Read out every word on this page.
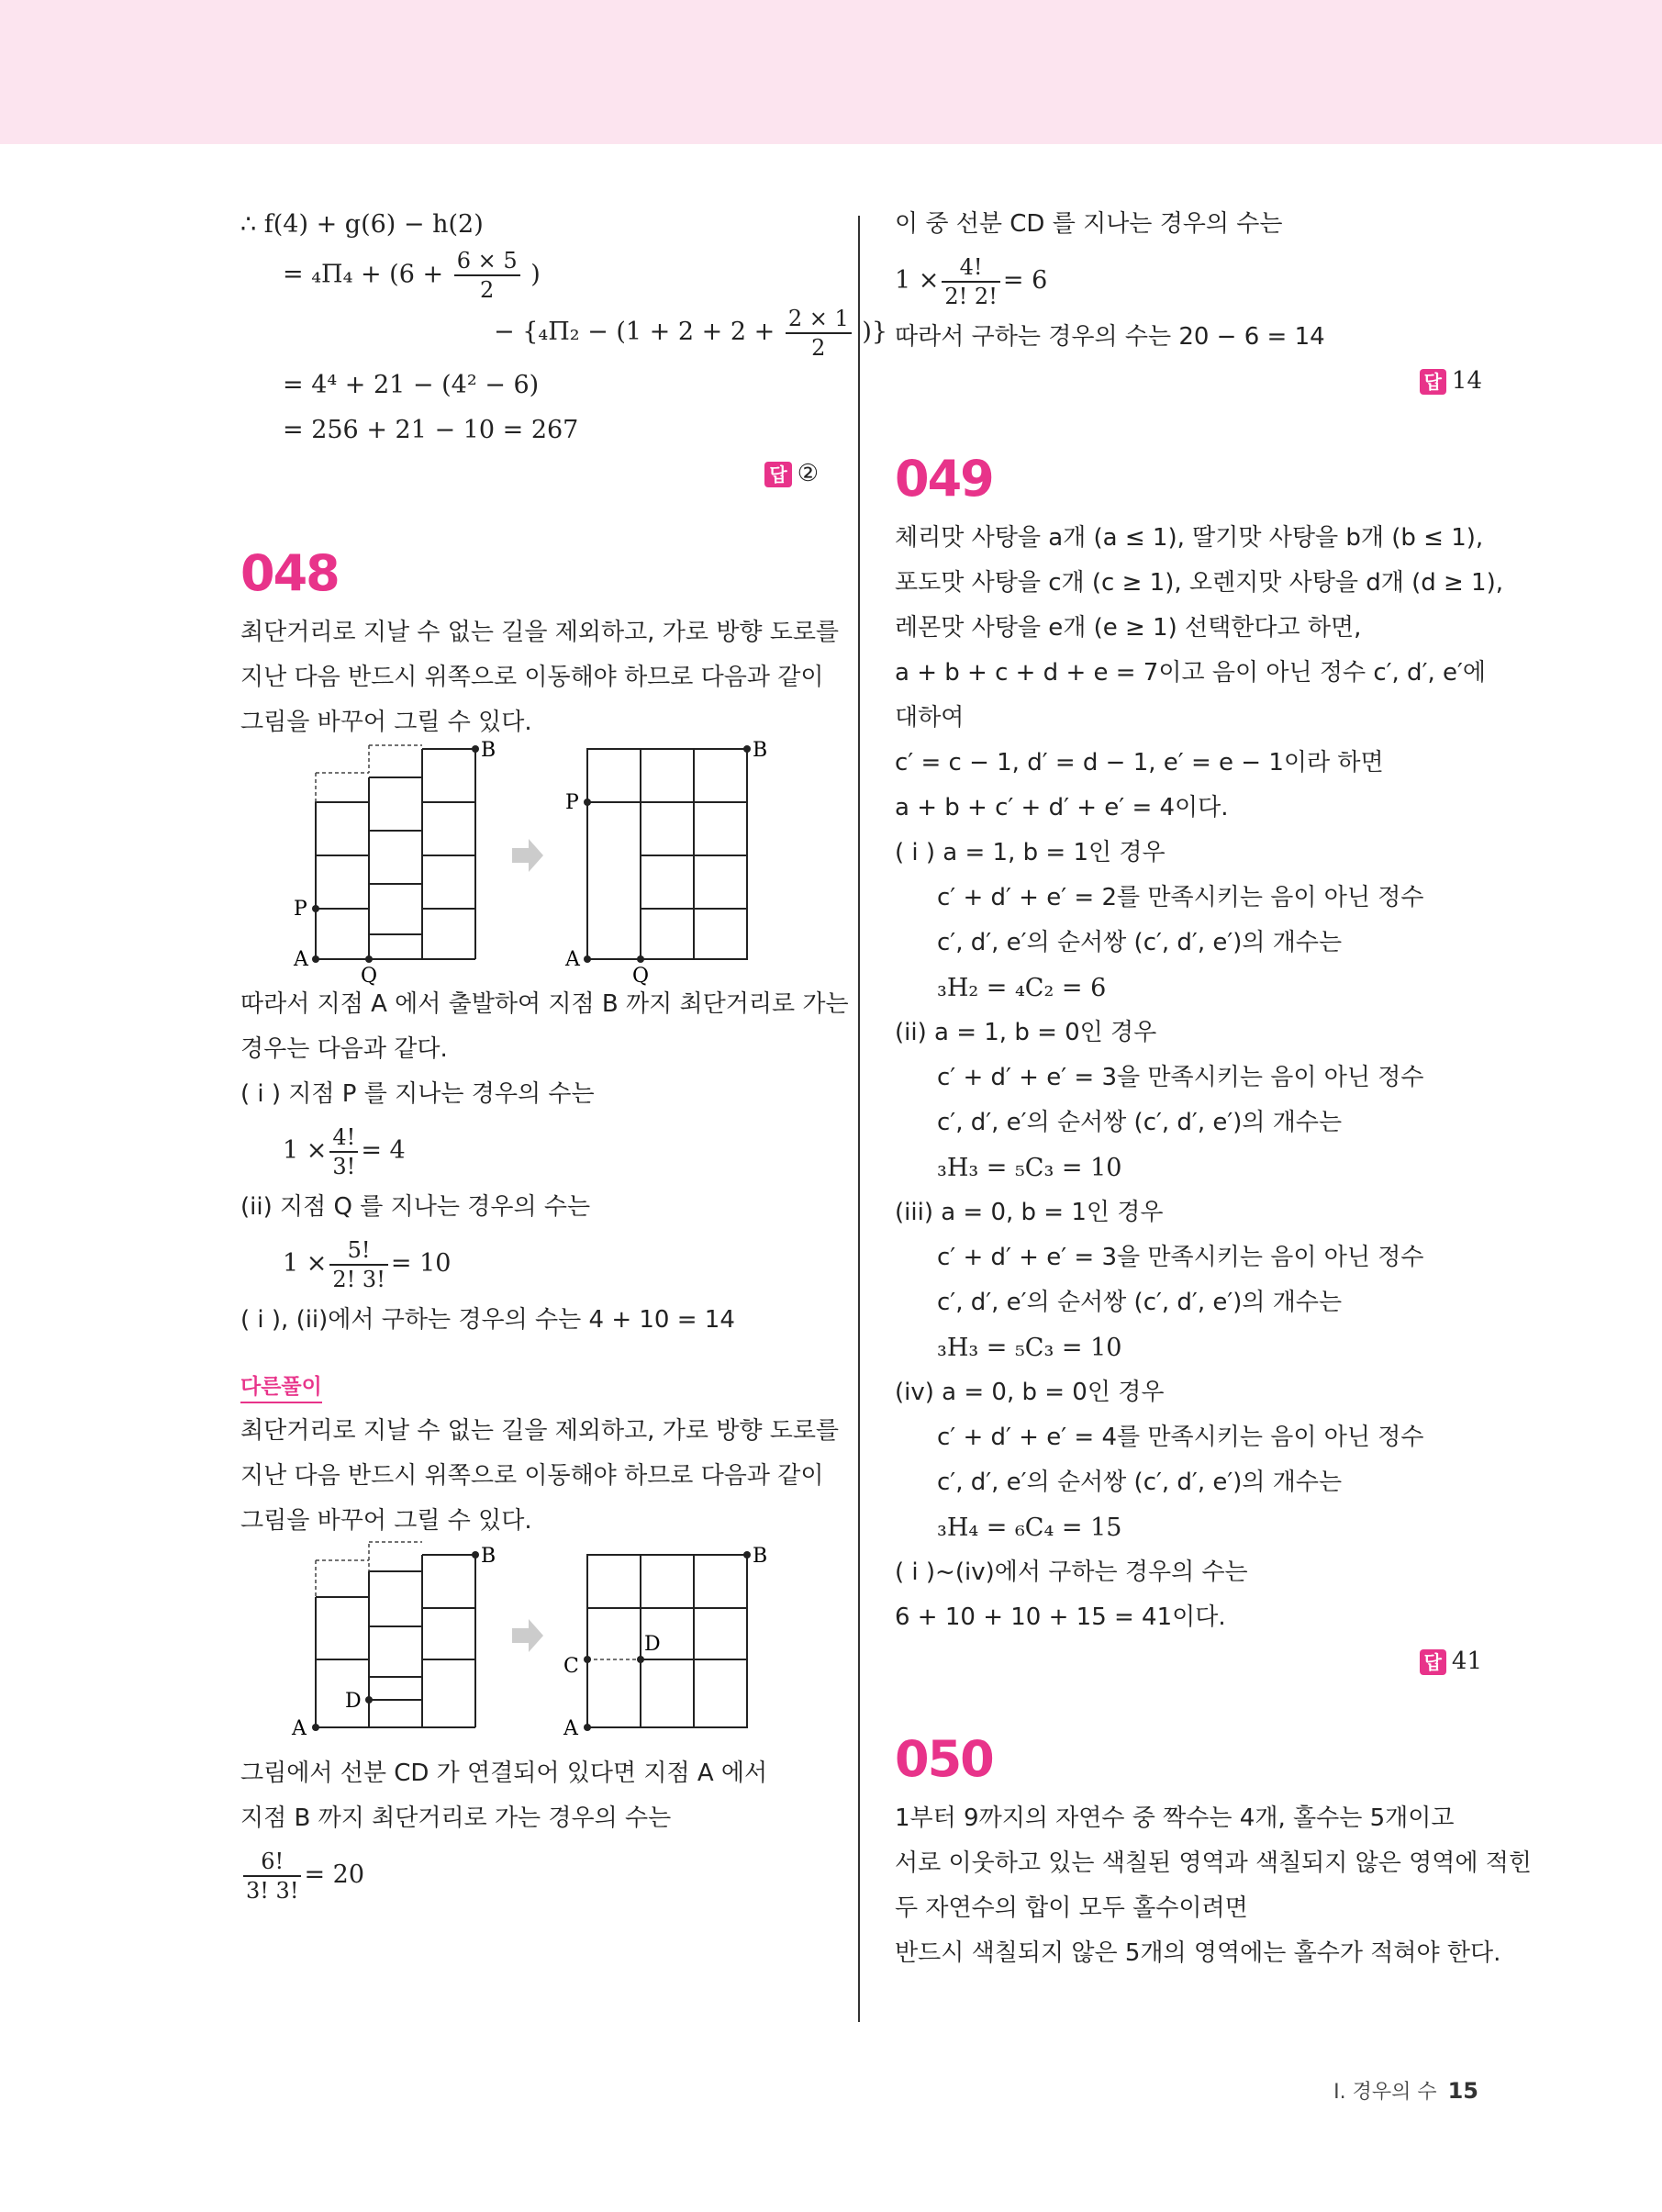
∴ f(4) + g(6) − h(2)
= $_4\Pi_4 + (6 + \frac{6 \times 5}{2}$ )
− {$_4\Pi_2 - (1 + 2 + 2 + \frac{2 \times 1}{2}$ )}
= 4⁴ + 21 − (4² − 6)
= 256 + 21 − 10 = 267
답 ②
048
최단거리로 지날 수 없는 길을 제외하고, 가로 방향 도로를
지난 다음 반드시 위쪽으로 이동해야 하므로 다음과 같이
그림을 바꾸어 그릴 수 있다.
B
P
A
Q
B
P
A
Q
따라서 지점 A 에서 출발하여 지점 B 까지 최단거리로 가는
경우는 다음과 같다.
( i ) 지점 P 를 지나는 경우의 수는
$1 \times \frac{4!}{3!} = 4$
(ii) 지점 Q 를 지나는 경우의 수는
$1 \times \frac{5!}{2! 3!} = 10$
( i ), (ii)에서 구하는 경우의 수는 4 + 10 = 14
다른풀이
최단거리로 지날 수 없는 길을 제외하고, 가로 방향 도로를
지난 다음 반드시 위쪽으로 이동해야 하므로 다음과 같이
그림을 바꾸어 그릴 수 있다.
B
D
A
B
D
C
A
그림에서 선분 CD 가 연결되어 있다면 지점 A 에서
지점 B 까지 최단거리로 가는 경우의 수는
$\frac{6!}{3! 3!} = 20$
이 중 선분 CD 를 지나는 경우의 수는
$1 \times \frac{4!}{2! 2!} = 6$
따라서 구하는 경우의 수는 20 − 6 = 14
답 14
049
체리맛 사탕을 a개 (a ≤ 1), 딸기맛 사탕을 b개 (b ≤ 1),
포도맛 사탕을 c개 (c ≥ 1), 오렌지맛 사탕을 d개 (d ≥ 1),
레몬맛 사탕을 e개 (e ≥ 1) 선택한다고 하면,
a + b + c + d + e = 7이고 음이 아닌 정수 c′, d′, e′에
대하여
c′ = c − 1, d′ = d − 1, e′ = e − 1이라 하면
a + b + c′ + d′ + e′ = 4이다.
( i ) a = 1, b = 1인 경우
c′ + d′ + e′ = 2를 만족시키는 음이 아닌 정수
c′, d′, e′의 순서쌍 (c′, d′, e′)의 개수는
₃H₂ = ₄C₂ = 6
(ii) a = 1, b = 0인 경우
c′ + d′ + e′ = 3을 만족시키는 음이 아닌 정수
c′, d′, e′의 순서쌍 (c′, d′, e′)의 개수는
₃H₃ = ₅C₃ = 10
(iii) a = 0, b = 1인 경우
c′ + d′ + e′ = 3을 만족시키는 음이 아닌 정수
c′, d′, e′의 순서쌍 (c′, d′, e′)의 개수는
₃H₃ = ₅C₃ = 10
(iv) a = 0, b = 0인 경우
c′ + d′ + e′ = 4를 만족시키는 음이 아닌 정수
c′, d′, e′의 순서쌍 (c′, d′, e′)의 개수는
₃H₄ = ₆C₄ = 15
( i )~(iv)에서 구하는 경우의 수는
6 + 10 + 10 + 15 = 41이다.
답 41
050
1부터 9까지의 자연수 중 짝수는 4개, 홀수는 5개이고
서로 이웃하고 있는 색칠된 영역과 색칠되지 않은 영역에 적힌
두 자연수의 합이 모두 홀수이려면
반드시 색칠되지 않은 5개의 영역에는 홀수가 적혀야 한다.
Ⅰ. 경우의 수 15
